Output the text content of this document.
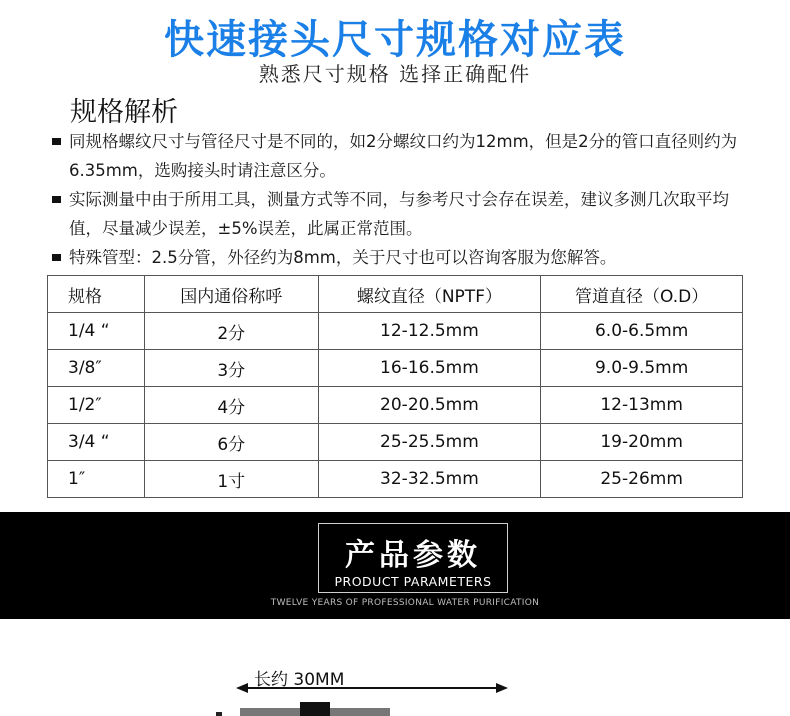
快速接头尺寸规格对应表
熟悉尺寸规格 选择正确配件
规格解析
同规格螺纹尺寸与管径尺寸是不同的，如2分螺纹口约为12mm，但是2分的管口直径则约为6.35mm，选购接头时请注意区分。
实际测量中由于所用工具，测量方式等不同，与参考尺寸会存在误差，建议多测几次取平均值，尽量减少误差，±5%误差，此属正常范围。
特殊管型：2.5分管，外径约为8mm，关于尺寸也可以咨询客服为您解答。
规格	国内通俗称呼	螺纹直径（NPTF）	管道直径（O.D）
1/4 “	2分	12-12.5mm	6.0-6.5mm
3/8″	3分	16-16.5mm	9.0-9.5mm
1/2″	4分	20-20.5mm	12-13mm
3/4 “	6分	25-25.5mm	19-20mm
1″	1寸	32-32.5mm	25-26mm
产品参数
PRODUCT PARAMETERS
TWELVE YEARS OF PROFESSIONAL WATER PURIFICATION
长约 30MM
